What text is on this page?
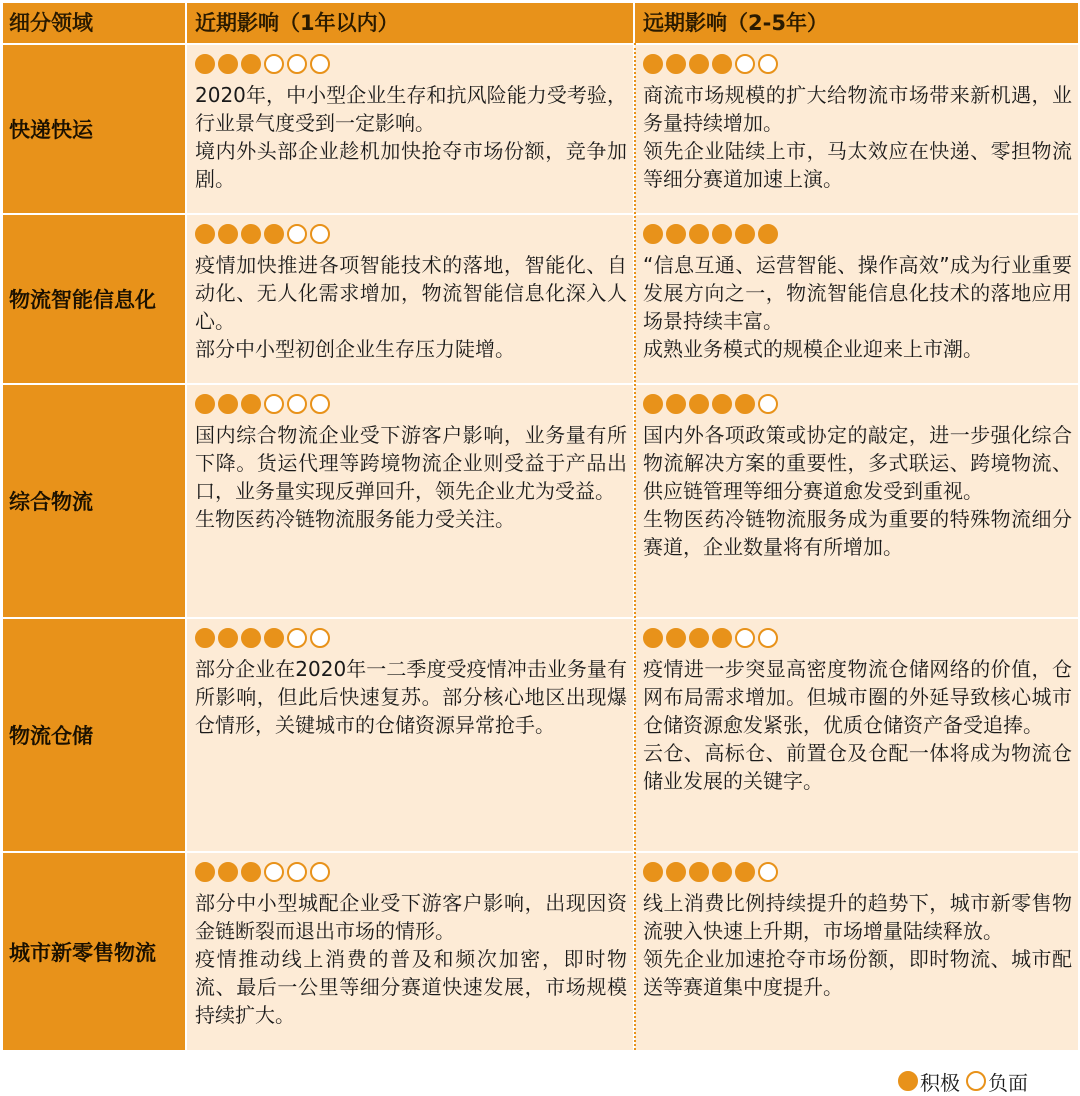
细分领域	近期影响（1年以内）	远期影响（2-5年）
快递快运
2020年，中小型企业生存和抗风险能力受考验，行业景气度受到一定影响。
境内外头部企业趁机加快抢夺市场份额，竞争加剧。
商流市场规模的扩大给物流市场带来新机遇，业务量持续增加。
领先企业陆续上市，马太效应在快递、零担物流等细分赛道加速上演。
物流智能信息化
疫情加快推进各项智能技术的落地，智能化、自动化、无人化需求增加，物流智能信息化深入人心。
部分中小型初创企业生存压力陡增。
“信息互通、运营智能、操作高效”成为行业重要发展方向之一，物流智能信息化技术的落地应用场景持续丰富。
成熟业务模式的规模企业迎来上市潮。
综合物流
国内综合物流企业受下游客户影响，业务量有所下降。货运代理等跨境物流企业则受益于产品出口，业务量实现反弹回升，领先企业尤为受益。
生物医药冷链物流服务能力受关注。
国内外各项政策或协定的敲定，进一步强化综合物流解决方案的重要性，多式联运、跨境物流、供应链管理等细分赛道愈发受到重视。
生物医药冷链物流服务成为重要的特殊物流细分赛道，企业数量将有所增加。
物流仓储
部分企业在2020年一二季度受疫情冲击业务量有所影响，但此后快速复苏。部分核心地区出现爆仓情形，关键城市的仓储资源异常抢手。
疫情进一步突显高密度物流仓储网络的价值，仓网布局需求增加。但城市圈的外延导致核心城市仓储资源愈发紧张，优质仓储资产备受追捧。
云仓、高标仓、前置仓及仓配一体将成为物流仓储业发展的关键字。
城市新零售物流
部分中小型城配企业受下游客户影响，出现因资金链断裂而退出市场的情形。
疫情推动线上消费的普及和频次加密，即时物流、最后一公里等细分赛道快速发展，市场规模持续扩大。
线上消费比例持续提升的趋势下，城市新零售物流驶入快速上升期，市场增量陆续释放。
领先企业加速抢夺市场份额，即时物流、城市配送等赛道集中度提升。
积极 负面
